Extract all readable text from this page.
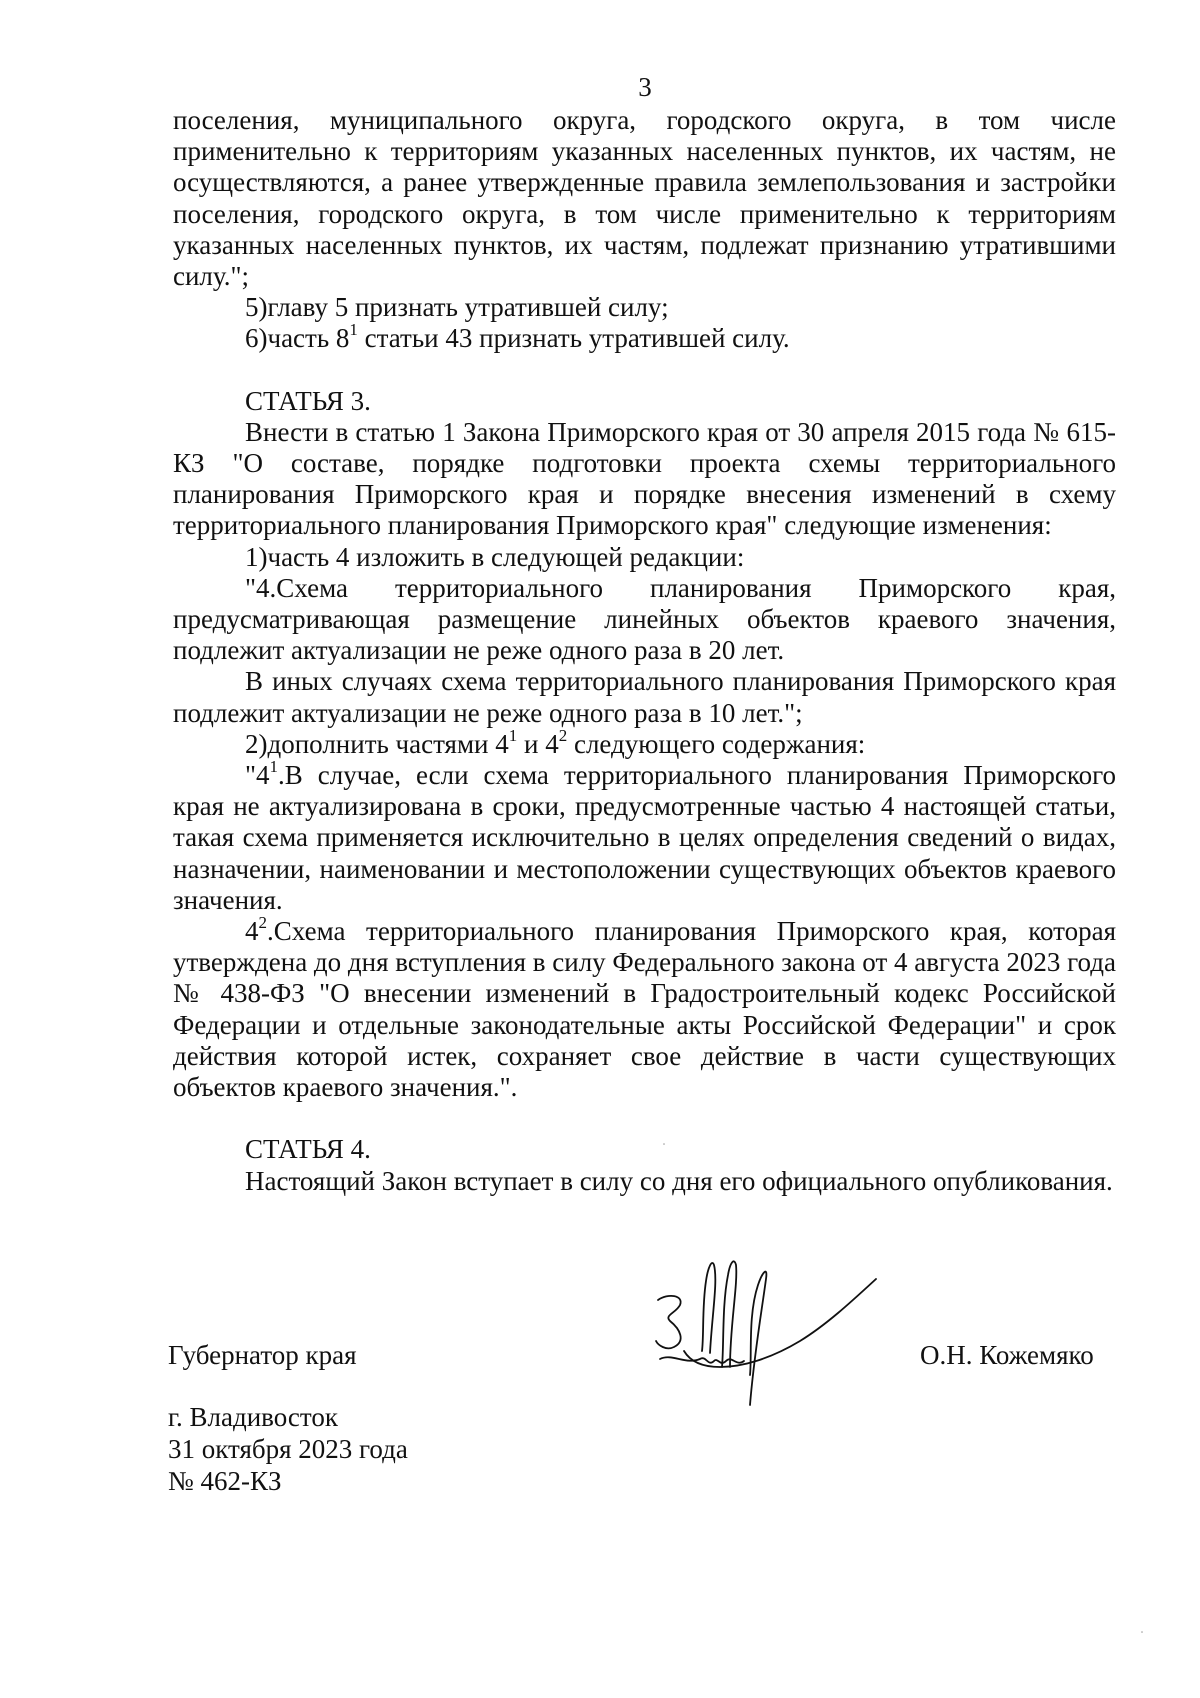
3

поселения, муниципального округа, городского округа, в том числе применительно к территориям указанных населенных пунктов, их частям, не осуществляются, а ранее утвержденные правила землепользования и застройки поселения, городского округа, в том числе применительно к территориям указанных населенных пунктов, их частям, подлежат признанию утратившими силу.";

5)главу 5 признать утратившей силу;

6)часть $8^1$ статьи 43 признать утратившей силу.

СТАТЬЯ 3.

Внести в статью 1 Закона Приморского края от 30 апреля 2015 года № 615-КЗ "О составе, порядке подготовки проекта схемы территориального планирования Приморского края и порядке внесения изменений в схему территориального планирования Приморского края" следующие изменения:

1)часть 4 изложить в следующей редакции:

"4.Схема территориального планирования Приморского края, предусматривающая размещение линейных объектов краевого значения, подлежит актуализации не реже одного раза в 20 лет.

В иных случаях схема территориального планирования Приморского края подлежит актуализации не реже одного раза в 10 лет.";

2)дополнить частями $4^1$ и $4^2$ следующего содержания:

"$4^1.В$ случае, если схема территориального планирования Приморского края не актуализирована в сроки, предусмотренные частью 4 настоящей статьи, такая схема применяется исключительно в целях определения сведений о видах, назначении, наименовании и местоположении существующих объектов краевого значения.

$4^2.Схема$ территориального планирования Приморского края, которая утверждена до дня вступления в силу Федерального закона от 4 августа 2023 года № 438-ФЗ "О внесении изменений в Градостроительный кодекс Российской Федерации и отдельные законодательные акты Российской Федерации" и срок действия которой истек, сохраняет свое действие в части существующих объектов краевого значения.".

СТАТЬЯ 4.

Настоящий Закон вступает в силу со дня его официального опубликования.

Губернатор края	О.Н. Кожемяко
г. Владивосток
31 октября 2023 года
№ 462-КЗ
